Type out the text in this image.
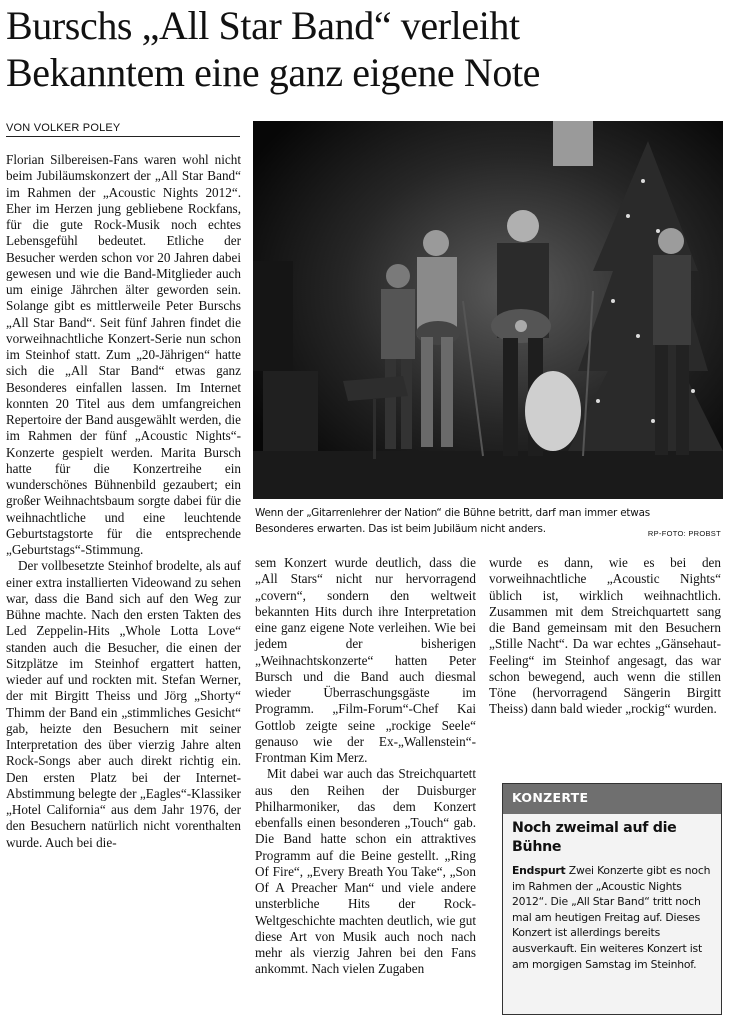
Burschs „All Star Band“ verleiht
Bekanntem eine ganz eigene Note
VON VOLKER POLEY

Florian Silbereisen-Fans waren wohl nicht beim Jubiläumskonzert der „All Star Band“ im Rahmen der „Acoustic Nights 2012“. Eher im Herzen jung gebliebene Rockfans, für die gute Rock-Musik noch echtes Lebensgefühl bedeutet. Etliche der Besucher werden schon vor 20 Jahren dabei gewesen und wie die Band-Mitglieder auch um einige Jährchen älter geworden sein. Solange gibt es mittlerweile Peter Burschs „All Star Band“. Seit fünf Jahren findet die vorweihnachtliche Konzert-Serie nun schon im Steinhof statt. Zum „20-Jährigen“ hatte sich die „All Star Band“ etwas ganz Besonderes einfallen lassen. Im Internet konnten 20 Titel aus dem umfangreichen Repertoire der Band ausgewählt werden, die im Rahmen der fünf „Acoustic Nights“-Konzerte gespielt werden. Marita Bursch hatte für die Konzertreihe ein wunderschönes Bühnenbild gezaubert; ein großer Weihnachtsbaum sorgte dabei für die weihnachtliche und eine leuchtende Geburtstagstorte für die entsprechende „Geburtstags“-Stimmung.

Der vollbesetzte Steinhof brodelte, als auf einer extra installierten Videowand zu sehen war, dass die Band sich auf den Weg zur Bühne machte. Nach den ersten Takten des Led Zeppelin-Hits „Whole Lotta Love“ standen auch die Besucher, die einen der Sitzplätze im Steinhof ergattert hatten, wieder auf und rockten mit. Stefan Werner, der mit Birgitt Theiss und Jörg „Shorty“ Thimm der Band ein „stimmliches Gesicht“ gab, heizte den Besuchern mit seiner Interpretation des über vierzig Jahre alten Rock-Songs aber auch direkt richtig ein. Den ersten Platz bei der Internet-Abstimmung belegte der „Eagles“-Klassiker „Hotel California“ aus dem Jahr 1976, der den Besuchern natürlich nicht vorenthalten wurde. Auch bei die-

Wenn der „Gitarrenlehrer der Nation“ die Bühne betritt, darf man immer etwas
Besonderes erwarten. Das ist beim Jubiläum nicht anders.	RP-FOTO: PROBST

sem Konzert wurde deutlich, dass die „All Stars“ nicht nur hervorragend „covern“, sondern den weltweit bekannten Hits durch ihre Interpretation eine ganz eigene Note verleihen. Wie bei jedem der bisherigen „Weihnachtskonzerte“ hatten Peter Bursch und die Band auch diesmal wieder Überraschungsgäste im Programm. „Film-Forum“-Chef Kai Gottlob zeigte seine „rockige Seele“ genauso wie der Ex-„Wallenstein“-Frontman Kim Merz.

Mit dabei war auch das Streichquartett aus den Reihen der Duisburger Philharmoniker, das dem Konzert ebenfalls einen besonderen „Touch“ gab. Die Band hatte schon ein attraktives Programm auf die Beine gestellt. „Ring Of Fire“, „Every Breath You Take“, „Son Of A Preacher Man“ und viele andere unsterbliche Hits der Rock-Weltgeschichte machten deutlich, wie gut diese Art von Musik auch noch nach mehr als vierzig Jahren bei den Fans ankommt. Nach vielen Zugaben

wurde es dann, wie es bei den vorweihnachtliche „Acoustic Nights“ üblich ist, wirklich weihnachtlich. Zusammen mit dem Streichquartett sang die Band gemeinsam mit den Besuchern „Stille Nacht“. Da war echtes „Gänsehaut-Feeling“ im Steinhof angesagt, das war schon bewegend, auch wenn die stillen Töne (hervorragend Sängerin Birgitt Theiss) dann bald wieder „rockig“ wurden.

KONZERTE
Noch zweimal auf die Bühne
Endspurt Zwei Konzerte gibt es noch im Rahmen der „Acoustic Nights 2012“. Die „All Star Band“ tritt noch mal am heutigen Freitag auf. Dieses Konzert ist allerdings bereits ausverkauft. Ein weiteres Konzert ist am morgigen Samstag im Steinhof.
